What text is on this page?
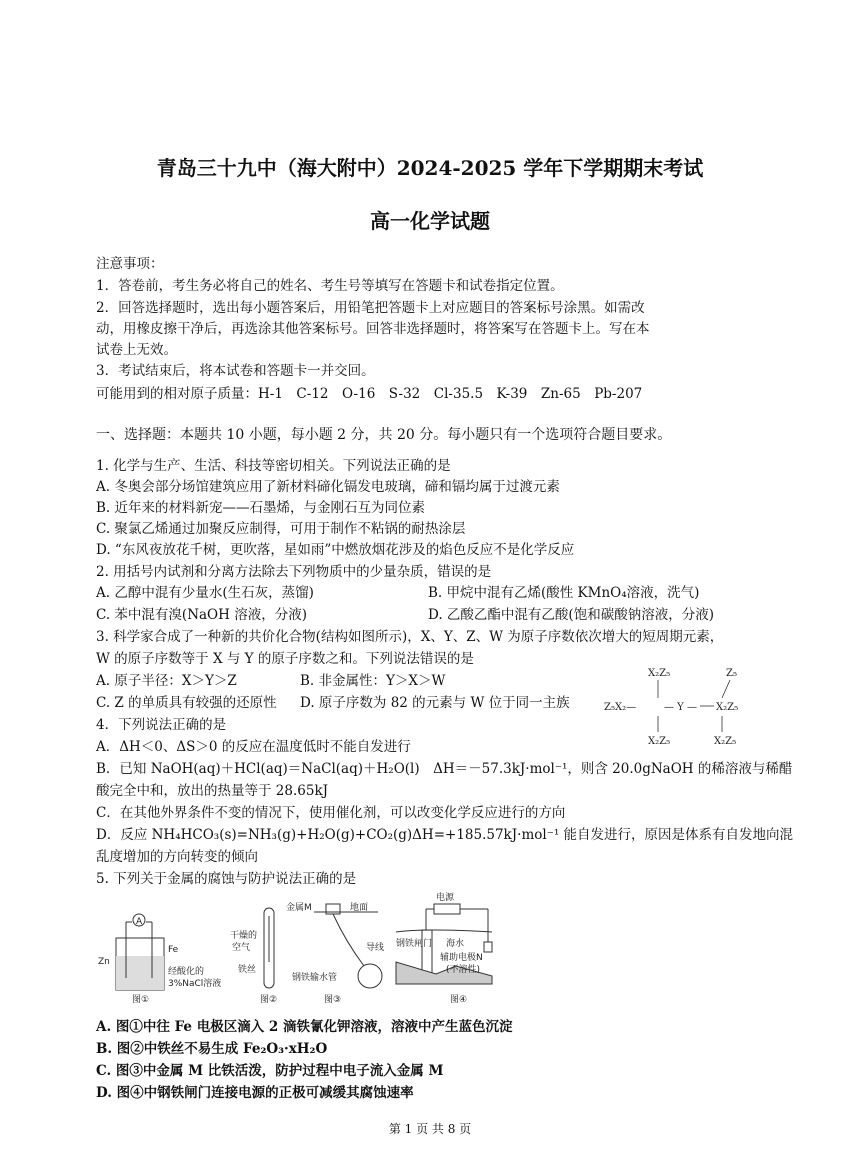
青岛三十九中（海大附中）2024-2025 学年下学期期末考试
高一化学试题
注意事项：
1．答卷前，考生务必将自己的姓名、考生号等填写在答题卡和试卷指定位置。
2．回答选择题时，选出每小题答案后，用铅笔把答题卡上对应题目的答案标号涂黑。如需改
动，用橡皮擦干净后，再选涂其他答案标号。回答非选择题时，将答案写在答题卡上。写在本
试卷上无效。
3．考试结束后，将本试卷和答题卡一并交回。
可能用到的相对原子质量：H-1　C-12　O-16　S-32　Cl-35.5　K-39　Zn-65　Pb-207
一、选择题：本题共 10 小题，每小题 2 分，共 20 分。每小题只有一个选项符合题目要求。
1. 化学与生产、生活、科技等密切相关。下列说法正确的是
A. 冬奥会部分场馆建筑应用了新材料碲化镉发电玻璃，碲和镉均属于过渡元素
B. 近年来的材料新宠——石墨烯，与金刚石互为同位素
C. 聚氯乙烯通过加聚反应制得，可用于制作不粘锅的耐热涂层
D. “东风夜放花千树，更吹落，星如雨”中燃放烟花涉及的焰色反应不是化学反应
2. 用括号内试剂和分离方法除去下列物质中的少量杂质，错误的是
A. 乙醇中混有少量水(生石灰，蒸馏)	B. 甲烷中混有乙烯(酸性 KMnO₄溶液，洗气)
C. 苯中混有溴(NaOH 溶液，分液)	D. 乙酸乙酯中混有乙酸(饱和碳酸钠溶液，分液)
3. 科学家合成了一种新的共价化合物(结构如图所示)，X、Y、Z、W 为原子序数依次增大的短周期元素，
W 的原子序数等于 X 与 Y 的原子序数之和。下列说法错误的是
A. 原子半径：X＞Y＞Z	B. 非金属性：Y＞X＞W
C. Z 的单质具有较强的还原性 D. 原子序数为 82 的元素与 W 位于同一主族
X₂Z₅	Z₅
Z₅X₂—	— Y — X₂Z₅
X₂Z₅	X₂Z₅
4．下列说法正确的是
A．ΔH＜0、ΔS＞0 的反应在温度低时不能自发进行
B．已知 NaOH(aq)＋HCl(aq)＝NaCl(aq)＋H₂O(l)　ΔH＝－57.3kJ·mol⁻¹，则含 20.0gNaOH 的稀溶液与稀醋
酸完全中和，放出的热量等于 28.65kJ
C．在其他外界条件不变的情况下，使用催化剂，可以改变化学反应进行的方向
D．反应 NH₄HCO₃(s)=NH₃(g)+H₂O(g)+CO₂(g)ΔH=+185.57kJ·mol⁻¹ 能自发进行，原因是体系有自发地向混
乱度增加的方向转变的倾向
5. 下列关于金属的腐蚀与防护说法正确的是
A
Zn
Fe
经酸化的
3%NaCl溶液
图①
干燥的
空气
铁丝
图②
金属M	地面
导线
钢铁输水管
图③
电源
钢铁闸门 海水
辅助电极N
(不溶性)
图④
A. 图①中往 Fe 电极区滴入 2 滴铁氰化钾溶液，溶液中产生蓝色沉淀
B. 图②中铁丝不易生成 Fe₂O₃·xH₂O
C. 图③中金属 M 比铁活泼，防护过程中电子流入金属 M
D. 图④中钢铁闸门连接电源的正极可减缓其腐蚀速率
第 1 页 共 8 页
